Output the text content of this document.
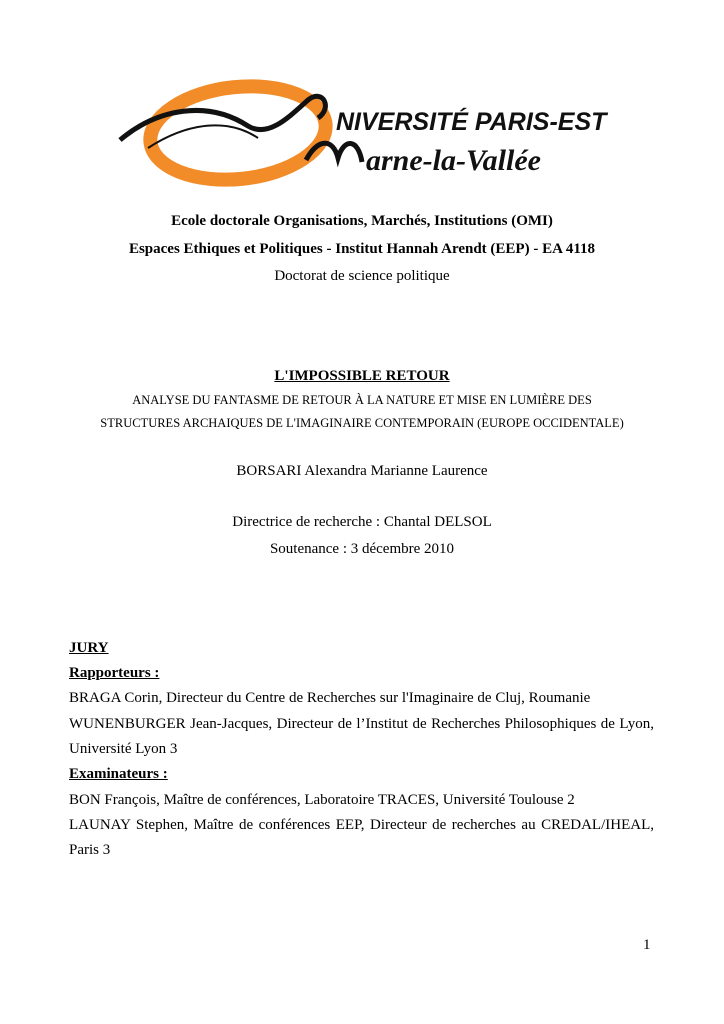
NIVERSITÉ PARIS-EST
arne-la-Vallée
Ecole doctorale Organisations, Marchés, Institutions (OMI)
Espaces Ethiques et Politiques - Institut Hannah Arendt (EEP) - EA 4118
Doctorat de science politique
L'IMPOSSIBLE RETOUR
ANALYSE DU FANTASME DE RETOUR À LA NATURE ET MISE EN LUMIÈRE DES
STRUCTURES ARCHAIQUES DE L'IMAGINAIRE CONTEMPORAIN (EUROPE OCCIDENTALE)
BORSARI Alexandra Marianne Laurence
Directrice de recherche : Chantal DELSOL
Soutenance : 3 décembre 2010
JURY
Rapporteurs :
BRAGA Corin, Directeur du Centre de Recherches sur l'Imaginaire de Cluj, Roumanie
WUNENBURGER Jean-Jacques, Directeur de l’Institut de Recherches Philosophiques de Lyon,
Université Lyon 3
Examinateurs :
BON François, Maître de conférences, Laboratoire TRACES, Université Toulouse 2
LAUNAY Stephen, Maître de conférences EEP, Directeur de recherches au CREDAL/IHEAL,
Paris 3
1
